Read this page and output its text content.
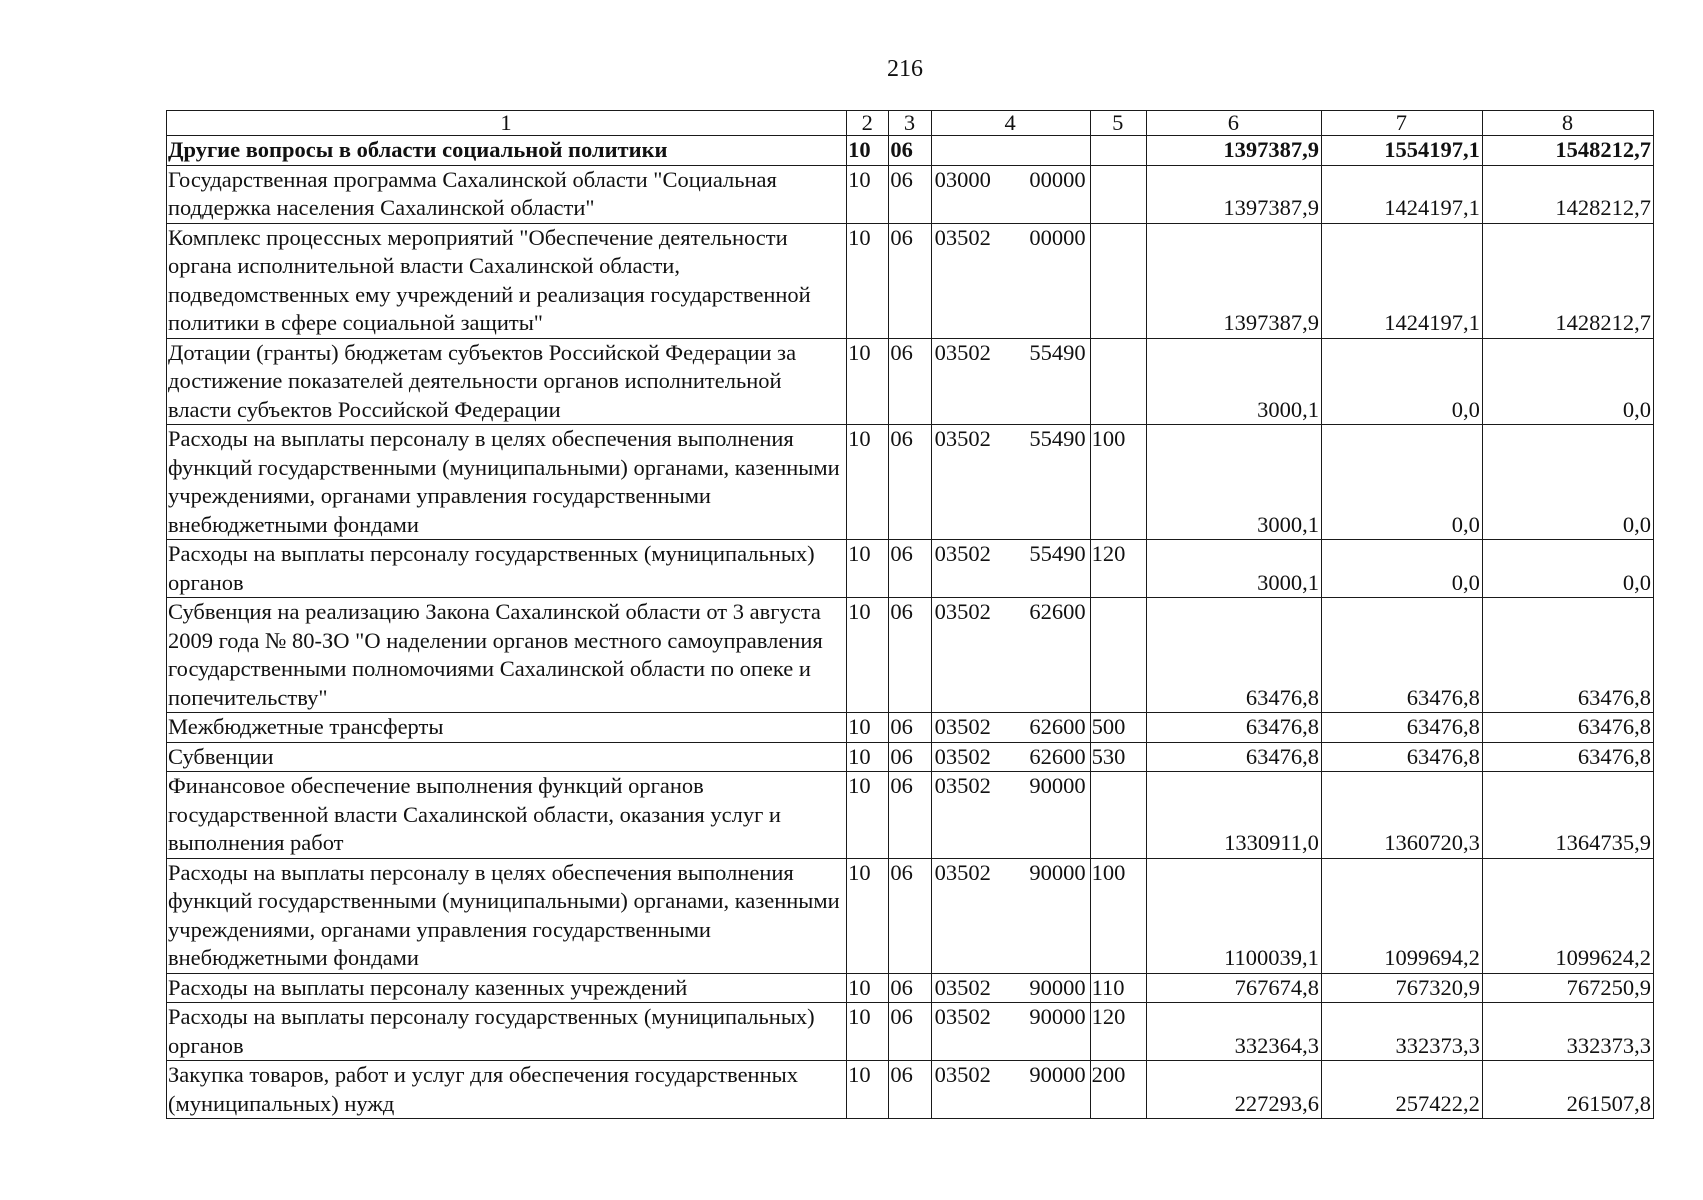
216
1	2	3	4	5	6	7	8
Другие вопросы в области социальной политики	10	06			1397387,9	1554197,1	1548212,7
Государственная программа Сахалинской области "Социальная поддержка населения Сахалинской области"	10	06	03000 00000		1397387,9	1424197,1	1428212,7
Комплекс процессных мероприятий "Обеспечение деятельности органа исполнительной власти Сахалинской области, подведомственных ему учреждений и реализация государственной политики в сфере социальной защиты"	10	06	03502 00000		1397387,9	1424197,1	1428212,7
Дотации (гранты) бюджетам субъектов Российской Федерации за достижение показателей деятельности органов исполнительной власти субъектов Российской Федерации	10	06	03502 55490		3000,1	0,0	0,0
Расходы на выплаты персоналу в целях обеспечения выполнения функций государственными (муниципальными) органами, казенными учреждениями, органами управления государственными внебюджетными фондами	10	06	03502 55490	100	3000,1	0,0	0,0
Расходы на выплаты персоналу государственных (муниципальных) органов	10	06	03502 55490	120	3000,1	0,0	0,0
Субвенция на реализацию Закона Сахалинской области от 3 августа 2009 года № 80-ЗО "О наделении органов местного самоуправления государственными полномочиями Сахалинской области по опеке и попечительству"	10	06	03502 62600		63476,8	63476,8	63476,8
Межбюджетные трансферты	10	06	03502 62600	500	63476,8	63476,8	63476,8
Субвенции	10	06	03502 62600	530	63476,8	63476,8	63476,8
Финансовое обеспечение выполнения функций органов государственной власти Сахалинской области, оказания услуг и выполнения работ	10	06	03502 90000		1330911,0	1360720,3	1364735,9
Расходы на выплаты персоналу в целях обеспечения выполнения функций государственными (муниципальными) органами, казенными учреждениями, органами управления государственными внебюджетными фондами	10	06	03502 90000	100	1100039,1	1099694,2	1099624,2
Расходы на выплаты персоналу казенных учреждений	10	06	03502 90000	110	767674,8	767320,9	767250,9
Расходы на выплаты персоналу государственных (муниципальных) органов	10	06	03502 90000	120	332364,3	332373,3	332373,3
Закупка товаров, работ и услуг для обеспечения государственных (муниципальных) нужд	10	06	03502 90000	200	227293,6	257422,2	261507,8
